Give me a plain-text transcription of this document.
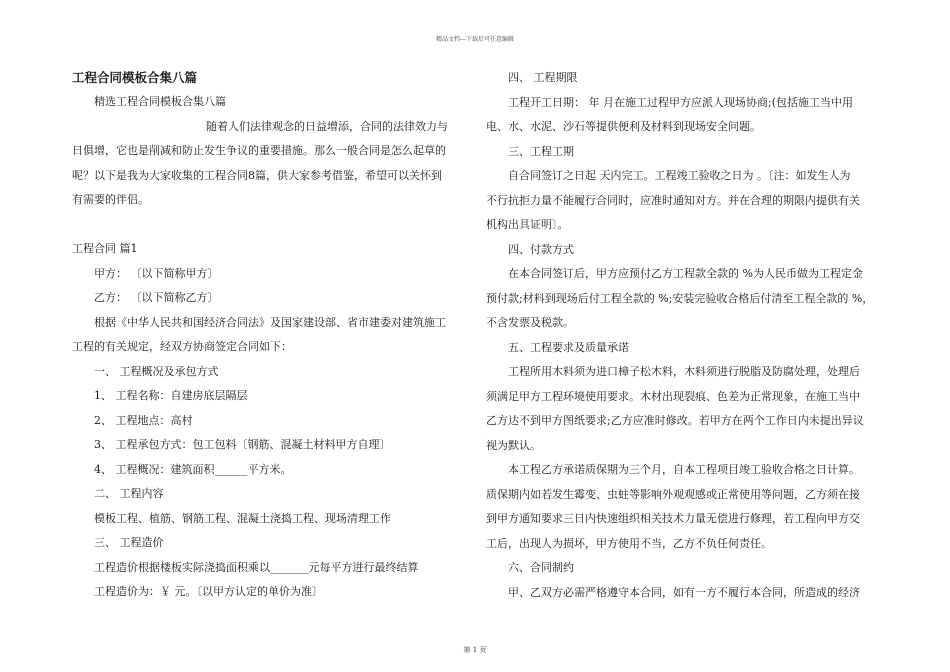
精品文档---下载后可任意编辑
工程合同模板合集八篇
精选工程合同模板合集八篇
随着人们法律观念的日益增添，合同的法律效力与
日俱增，它也是削减和防止发生争议的重要措施。那么一般合同是怎么起草的
呢？以下是我为大家收集的工程合同8篇，供大家参考借鉴，希望可以关怀到
有需要的伴侣。
工程合同 篇1
甲方： 〔以下简称甲方〕
乙方： 〔以下简称乙方〕
根据《中华人民共和国经济合同法》及国家建设部、省市建委对建筑施工
工程的有关规定，经双方协商签定合同如下：
一、 工程概况及承包方式
1、 工程名称：自建房底层隔层
2、 工程地点：高村
3、 工程承包方式：包工包料〔钢筋、混凝土材料甲方自理〕
4、 工程概况：建筑面积______平方米。
二、 工程内容
模板工程、植筋、钢筋工程、混凝土浇捣工程、现场清理工作
三、 工程造价
工程造价根据楼板实际浇捣面积乘以_______元每平方进行最终结算
工程造价为：￥ 元。〔以甲方认定的单价为准〕
四、 工程期限
工程开工日期： 年 月在施工过程甲方应派人现场协商;(包括施工当中用
电、水、水泥、沙石等提供便利及材料到现场安全问题。
三、工程工期
自合同签订之日起 天内完工。工程竣工验收之日为 。〔注：如发生人为
不行抗拒力量不能履行合同时，应准时通知对方。并在合理的期限内提供有关
机构出具证明〕。
四、付款方式
在本合同签订后，甲方应预付乙方工程款全款的 %为人民币做为工程定金
预付款;材料到现场后付工程全款的 %;安装完验收合格后付清至工程全款的 %，
不含发票及税款。
五、工程要求及质量承诺
工程所用木料须为进口樟子松木料，木料须进行脱脂及防腐处理，处理后
须满足甲方工程环境使用要求。木材出现裂痕、色差为正常现象，在施工当中
乙方达不到甲方图纸要求;乙方应准时修改。若甲方在两个工作日内未提出异议
视为默认。
本工程乙方承诺质保期为三个月，自本工程项目竣工验收合格之日计算。
质保期内如若发生霉变、虫蛀等影响外观观感或正常使用等问题，乙方须在接
到甲方通知要求三日内快速组织相关技术力量无偿进行修理，若工程向甲方交
工后，出现人为损坏，甲方使用不当，乙方不负任何责任。
六、合同制约
甲、乙双方必需严格遵守本合同，如有一方不履行本合同，所造成的经济
第 1 页
